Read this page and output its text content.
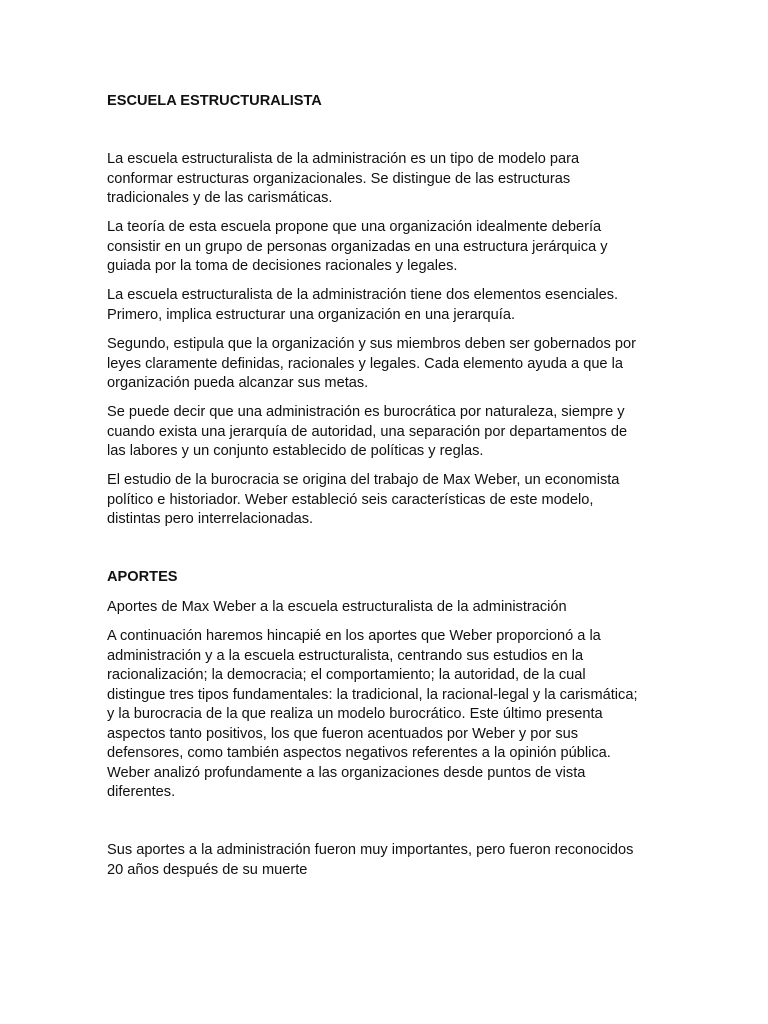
ESCUELA ESTRUCTURALISTA

La escuela estructuralista de la administración es un tipo de modelo para
conformar estructuras organizacionales. Se distingue de las estructuras
tradicionales y de las carismáticas.

La teoría de esta escuela propone que una organización idealmente debería
consistir en un grupo de personas organizadas en una estructura jerárquica y
guiada por la toma de decisiones racionales y legales.

La escuela estructuralista de la administración tiene dos elementos esenciales.
Primero, implica estructurar una organización en una jerarquía.

Segundo, estipula que la organización y sus miembros deben ser gobernados por
leyes claramente definidas, racionales y legales. Cada elemento ayuda a que la
organización pueda alcanzar sus metas.

Se puede decir que una administración es burocrática por naturaleza, siempre y
cuando exista una jerarquía de autoridad, una separación por departamentos de
las labores y un conjunto establecido de políticas y reglas.

El estudio de la burocracia se origina del trabajo de Max Weber, un economista
político e historiador. Weber estableció seis características de este modelo,
distintas pero interrelacionadas.

APORTES

Aportes de Max Weber a la escuela estructuralista de la administración

A continuación haremos hincapié en los aportes que Weber proporcionó a la
administración y a la escuela estructuralista, centrando sus estudios en la
racionalización; la democracia; el comportamiento; la autoridad, de la cual
distingue tres tipos fundamentales: la tradicional, la racional-legal y la carismática;
y la burocracia de la que realiza un modelo burocrático. Este último presenta
aspectos tanto positivos, los que fueron acentuados por Weber y por sus
defensores, como también aspectos negativos referentes a la opinión pública.
Weber analizó profundamente a las organizaciones desde puntos de vista
diferentes.

Sus aportes a la administración fueron muy importantes, pero fueron reconocidos
20 años después de su muerte
